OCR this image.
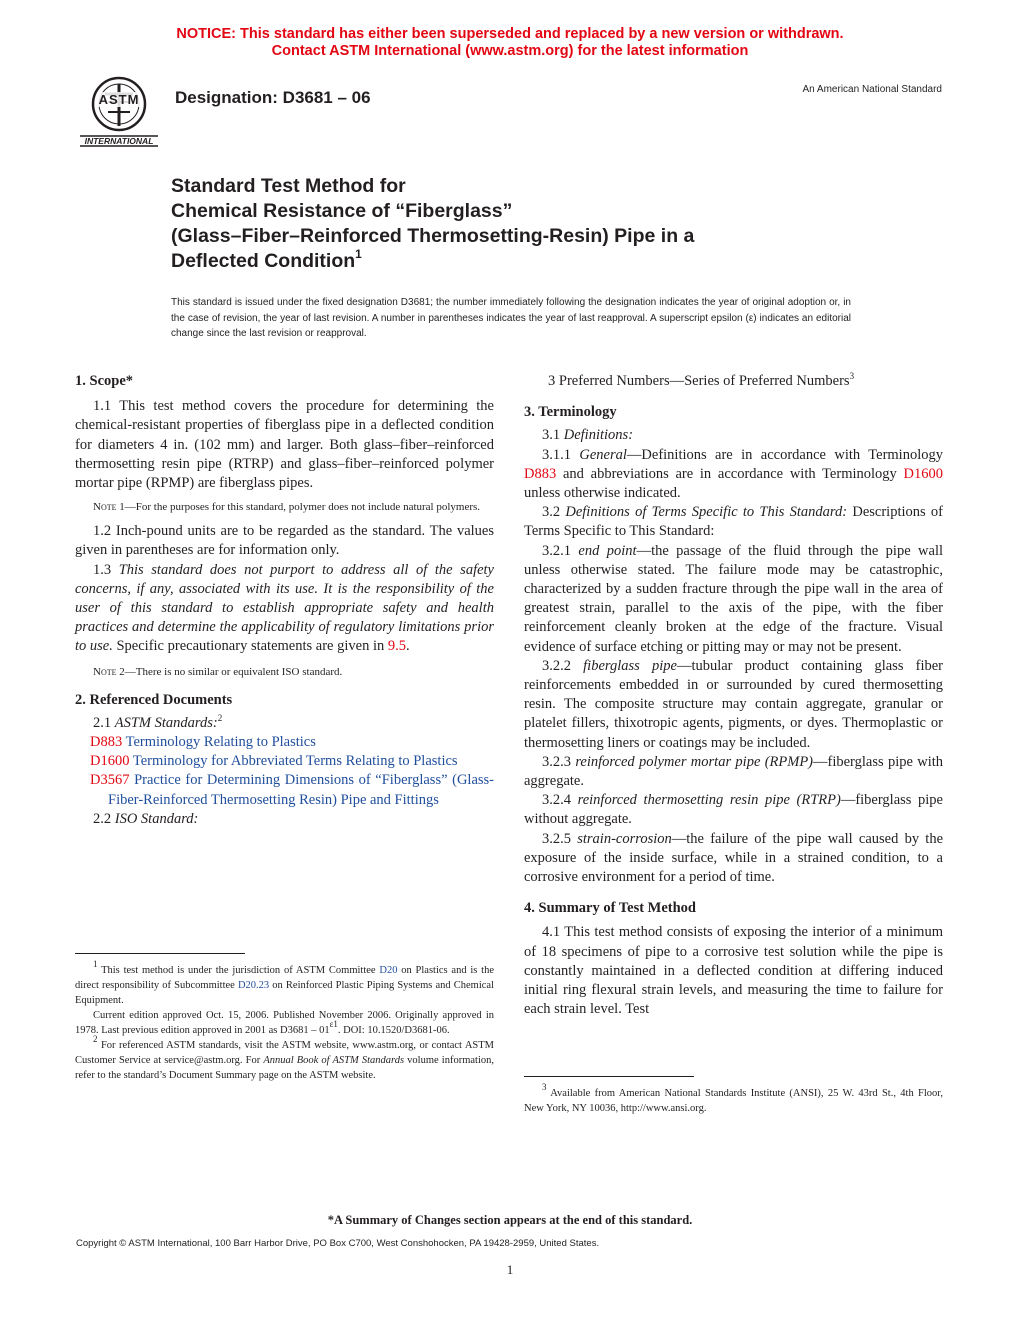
NOTICE: This standard has either been superseded and replaced by a new version or withdrawn.
Contact ASTM International (www.astm.org) for the latest information
ASTM
INTERNATIONAL
Designation: D3681 – 06	An American National Standard
Standard Test Method for
Chemical Resistance of “Fiberglass”
(Glass–Fiber–Reinforced Thermosetting-Resin) Pipe in a
Deflected Condition$^1$
This standard is issued under the fixed designation D3681; the number immediately following the designation indicates the year of original adoption or, in the case of revision, the year of last revision. A number in parentheses indicates the year of last reapproval. A superscript epsilon (ε) indicates an editorial change since the last revision or reapproval.
1. Scope*

1.1 This test method covers the procedure for determining the chemical-resistant properties of fiberglass pipe in a deflected condition for diameters 4 in. (102 mm) and larger. Both glass–fiber–reinforced thermosetting resin pipe (RTRP) and glass–fiber–reinforced polymer mortar pipe (RPMP) are fiberglass pipes.

Note 1—For the purposes for this standard, polymer does not include natural polymers.

1.2 Inch-pound units are to be regarded as the standard. The values given in parentheses are for information only.

1.3 This standard does not purport to address all of the safety concerns, if any, associated with its use. It is the responsibility of the user of this standard to establish appropriate safety and health practices and determine the applicability of regulatory limitations prior to use. Specific precautionary statements are given in 9.5.

Note 2—There is no similar or equivalent ISO standard.

2. Referenced Documents

2.1 ASTM Standards:$^2$

D883 Terminology Relating to Plastics

D1600 Terminology for Abbreviated Terms Relating to Plastics

D3567 Practice for Determining Dimensions of “Fiberglass” (Glass-Fiber-Reinforced Thermosetting Resin) Pipe and Fittings

2.2 ISO Standard:

$^1$ This test method is under the jurisdiction of ASTM Committee D20 on Plastics and is the direct responsibility of Subcommittee D20.23 on Reinforced Plastic Piping Systems and Chemical Equipment.

Current edition approved Oct. 15, 2006. Published November 2006. Originally approved in 1978. Last previous edition approved in 2001 as $D3681 - 01^{\varepsilon 1}$. DOI: 10.1520/D3681-06.

$^2$ For referenced ASTM standards, visit the ASTM website, www.astm.org, or contact ASTM Customer Service at service@astm.org. For Annual Book of ASTM Standards volume information, refer to the standard’s Document Summary page on the ASTM website.

3 Preferred Numbers—Series of Preferred Numbers$^3$

3. Terminology

3.1 Definitions:

3.1.1 General—Definitions are in accordance with Terminology D883 and abbreviations are in accordance with Terminology D1600 unless otherwise indicated.

3.2 Definitions of Terms Specific to This Standard: Descriptions of Terms Specific to This Standard:

3.2.1 end point—the passage of the fluid through the pipe wall unless otherwise stated. The failure mode may be catastrophic, characterized by a sudden fracture through the pipe wall in the area of greatest strain, parallel to the axis of the pipe, with the fiber reinforcement cleanly broken at the edge of the fracture. Visual evidence of surface etching or pitting may or may not be present.

3.2.2 fiberglass pipe—tubular product containing glass fiber reinforcements embedded in or surrounded by cured thermosetting resin. The composite structure may contain aggregate, granular or platelet fillers, thixotropic agents, pigments, or dyes. Thermoplastic or thermosetting liners or coatings may be included.

3.2.3 reinforced polymer mortar pipe (RPMP)—fiberglass pipe with aggregate.

3.2.4 reinforced thermosetting resin pipe (RTRP)—fiberglass pipe without aggregate.

3.2.5 strain-corrosion—the failure of the pipe wall caused by the exposure of the inside surface, while in a strained condition, to a corrosive environment for a period of time.

4. Summary of Test Method

4.1 This test method consists of exposing the interior of a minimum of 18 specimens of pipe to a corrosive test solution while the pipe is constantly maintained in a deflected condition at differing induced initial ring flexural strain levels, and measuring the time to failure for each strain level. Test

$^3$ Available from American National Standards Institute (ANSI), 25 W. 43rd St., 4th Floor, New York, NY 10036, http://www.ansi.org.

*A Summary of Changes section appears at the end of this standard.
Copyright © ASTM International, 100 Barr Harbor Drive, PO Box C700, West Conshohocken, PA 19428-2959, United States.
1
